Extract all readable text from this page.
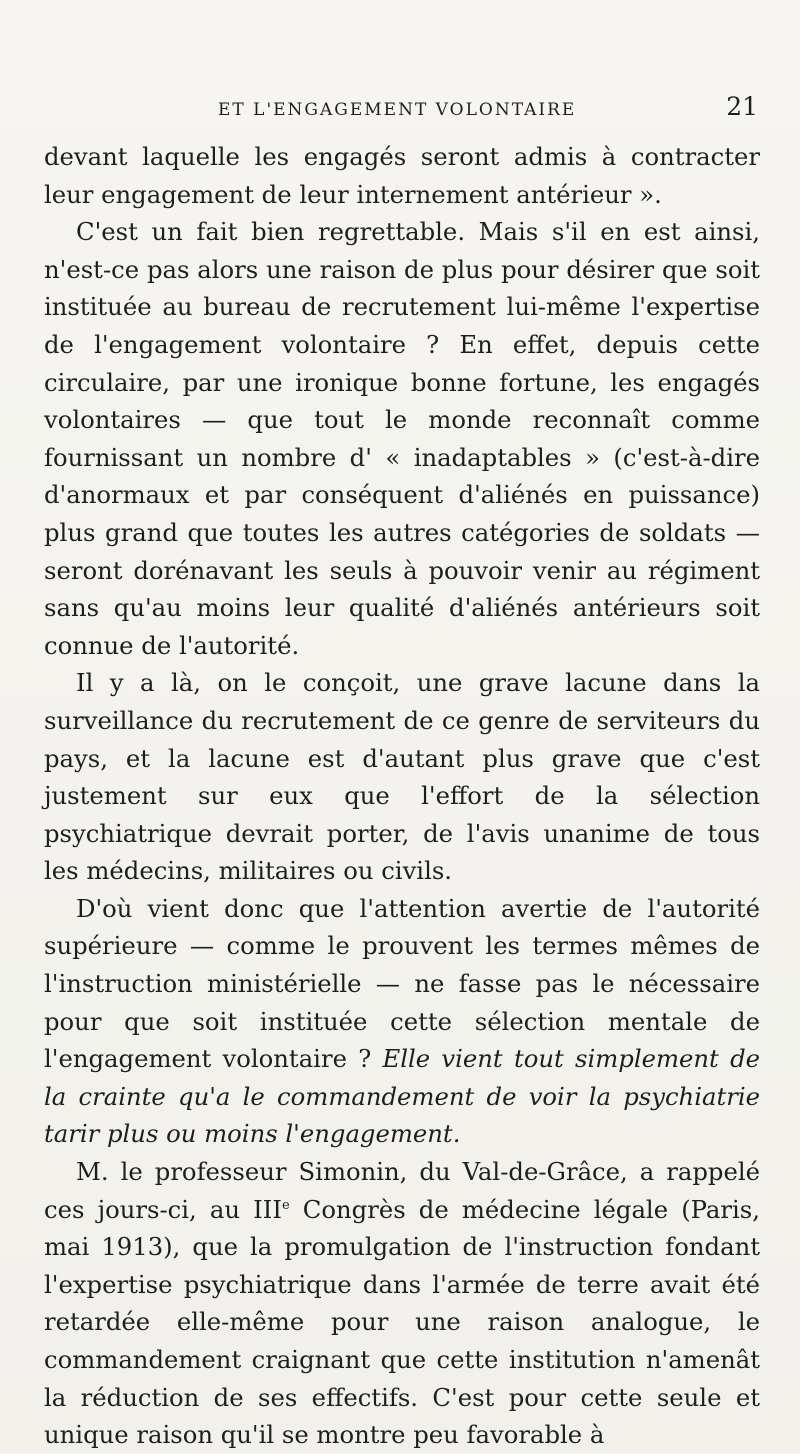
ET L'ENGAGEMENT VOLONTAIRE	21

devant laquelle les engagés seront admis à contracter leur engagement de leur internement antérieur ».

C'est un fait bien regrettable. Mais s'il en est ainsi, n'est-ce pas alors une raison de plus pour désirer que soit instituée au bureau de recrutement lui-même l'expertise de l'engagement volontaire ? En effet, depuis cette circulaire, par une ironique bonne fortune, les engagés volontaires — que tout le monde reconnaît comme fournissant un nombre d' « inadaptables » (c'est-à-dire d'anormaux et par conséquent d'aliénés en puissance) plus grand que toutes les autres catégories de soldats — seront dorénavant les seuls à pouvoir venir au régiment sans qu'au moins leur qualité d'aliénés antérieurs soit connue de l'autorité.

Il y a là, on le conçoit, une grave lacune dans la surveillance du recrutement de ce genre de serviteurs du pays, et la lacune est d'autant plus grave que c'est justement sur eux que l'effort de la sélection psychiatrique devrait porter, de l'avis unanime de tous les médecins, militaires ou civils.

D'où vient donc que l'attention avertie de l'autorité supérieure — comme le prouvent les termes mêmes de l'instruction ministérielle — ne fasse pas le nécessaire pour que soit instituée cette sélection mentale de l'engagement volontaire ? Elle vient tout simplement de la crainte qu'a le commandement de voir la psychiatrie tarir plus ou moins l'engagement.

M. le professeur Simonin, du Val-de-Grâce, a rappelé ces jours-ci, au IIIe Congrès de médecine légale (Paris, mai 1913), que la promulgation de l'instruction fondant l'expertise psychiatrique dans l'armée de terre avait été retardée elle-même pour une raison analogue, le commandement craignant que cette institution n'amenât la réduction de ses effectifs. C'est pour cette seule et unique raison qu'il se montre peu favorable à
